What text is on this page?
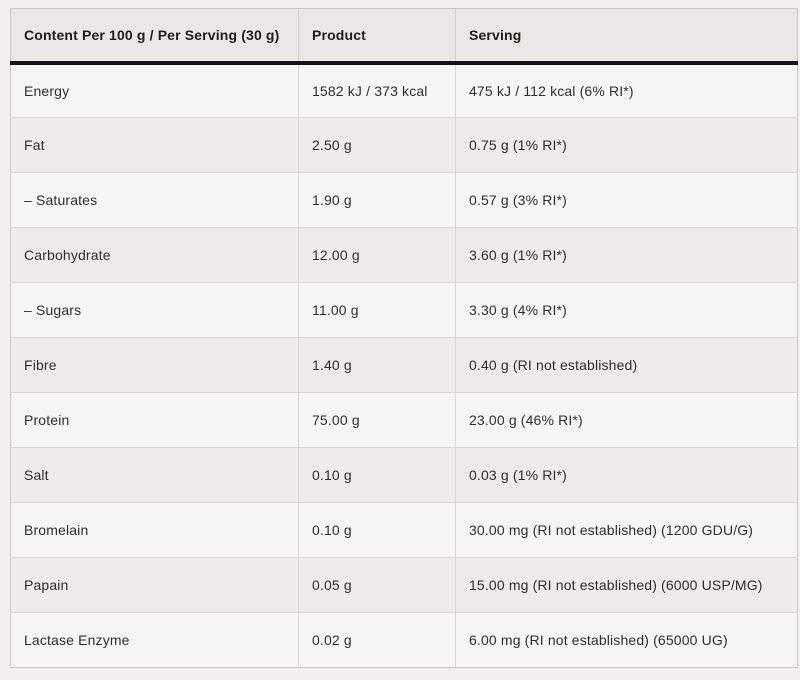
Content Per 100 g / Per Serving (30 g)	Product	Serving
Energy	1582 kJ / 373 kcal	475 kJ / 112 kcal (6% RI*)
Fat	2.50 g	0.75 g (1% RI*)
– Saturates	1.90 g	0.57 g (3% RI*)
Carbohydrate	12.00 g	3.60 g (1% RI*)
– Sugars	11.00 g	3.30 g (4% RI*)
Fibre	1.40 g	0.40 g (RI not established)
Protein	75.00 g	23.00 g (46% RI*)
Salt	0.10 g	0.03 g (1% RI*)
Bromelain	0.10 g	30.00 mg (RI not established) (1200 GDU/G)
Papain	0.05 g	15.00 mg (RI not established) (6000 USP/MG)
Lactase Enzyme	0.02 g	6.00 mg (RI not established) (65000 UG)
